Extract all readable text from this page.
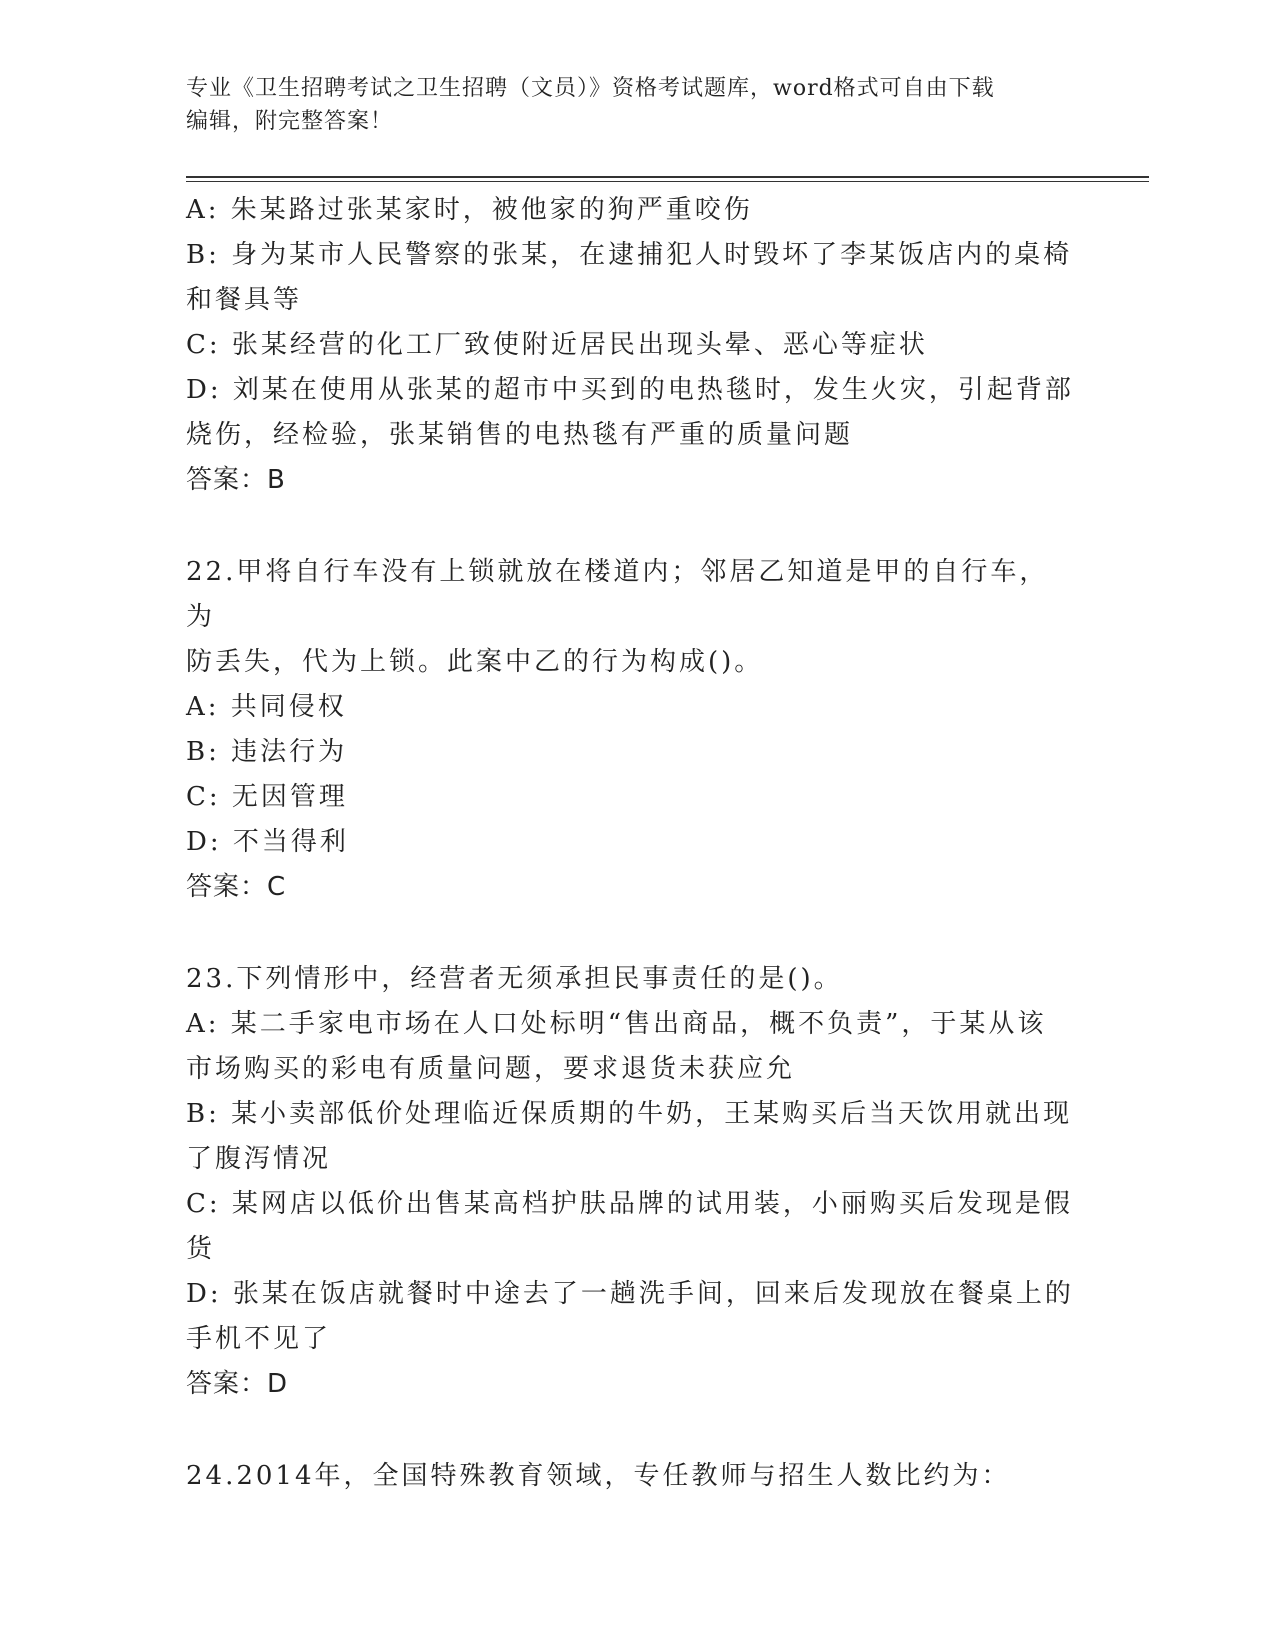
专业《卫生招聘考试之卫生招聘（文员）》资格考试题库，word格式可自由下载
编辑，附完整答案！

A: 朱某路过张某家时，被他家的狗严重咬伤

B: 身为某市人民警察的张某，在逮捕犯人时毁坏了李某饭店内的桌椅

和餐具等

C: 张某经营的化工厂致使附近居民出现头晕、恶心等症状

D: 刘某在使用从张某的超市中买到的电热毯时，发生火灾，引起背部

烧伤，经检验，张某销售的电热毯有严重的质量问题

答案：B

22.甲将自行车没有上锁就放在楼道内；邻居乙知道是甲的自行车，为

防丢失，代为上锁。此案中乙的行为构成()。

A: 共同侵权

B: 违法行为

C: 无因管理

D: 不当得利

答案：C

23.下列情形中，经营者无须承担民事责任的是()。

A: 某二手家电市场在人口处标明“售出商品，概不负责”，于某从该

市场购买的彩电有质量问题，要求退货未获应允

B: 某小卖部低价处理临近保质期的牛奶，王某购买后当天饮用就出现

了腹泻情况

C: 某网店以低价出售某高档护肤品牌的试用装，小丽购买后发现是假

货

D: 张某在饭店就餐时中途去了一趟洗手间，回来后发现放在餐桌上的

手机不见了

答案：D

24.2014年，全国特殊教育领域，专任教师与招生人数比约为：
